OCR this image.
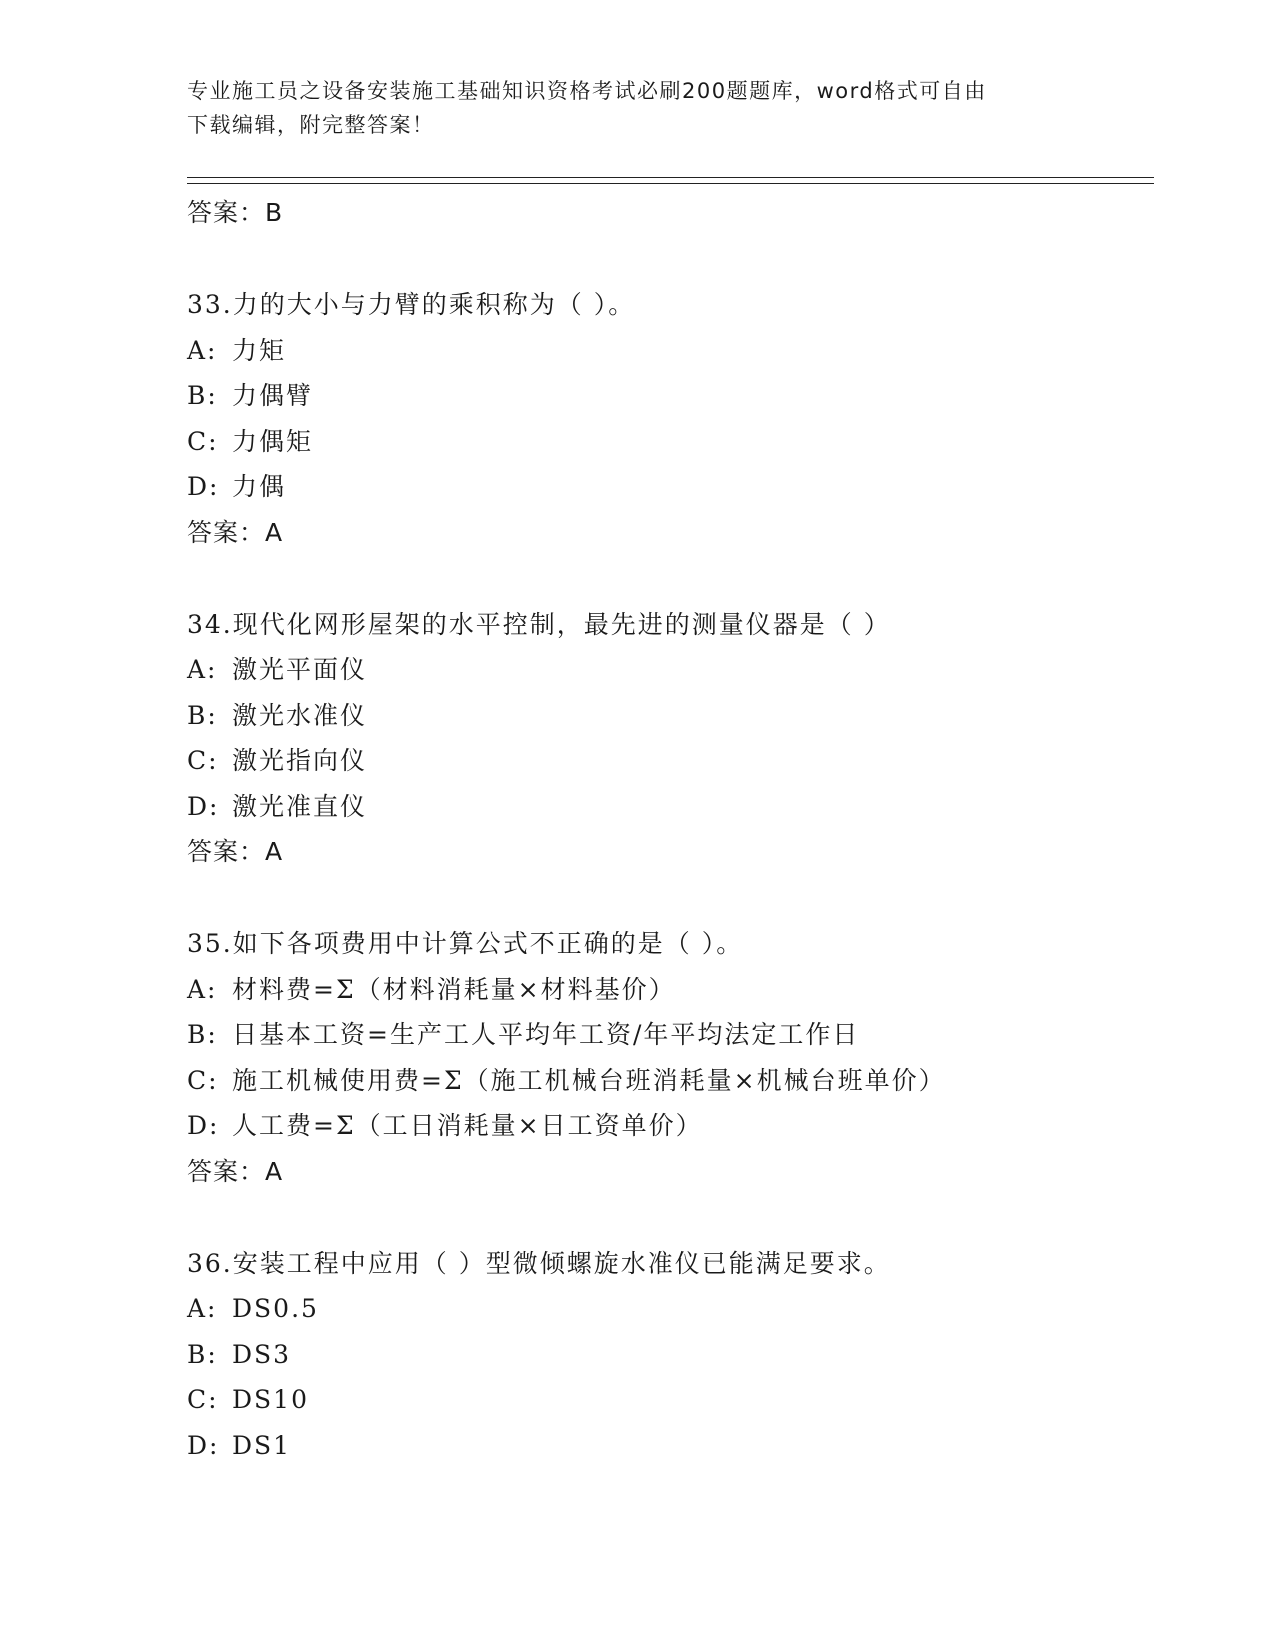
专业施工员之设备安装施工基础知识资格考试必刷200题题库，word格式可自由
下载编辑，附完整答案！
答案：B
33.力的大小与力臂的乘积称为（ ）。
A: 力矩
B: 力偶臂
C: 力偶矩
D: 力偶
答案：A
34.现代化网形屋架的水平控制，最先进的测量仪器是（ ）
A: 激光平面仪
B: 激光水准仪
C: 激光指向仪
D: 激光准直仪
答案：A
35.如下各项费用中计算公式不正确的是（ ）。
A: 材料费=Σ（材料消耗量×材料基价）
B: 日基本工资=生产工人平均年工资/年平均法定工作日
C: 施工机械使用费=Σ（施工机械台班消耗量×机械台班单价）
D: 人工费=Σ（工日消耗量×日工资单价）
答案：A
36.安装工程中应用（ ）型微倾螺旋水准仪已能满足要求。
A: DS0.5
B: DS3
C: DS10
D: DS1
